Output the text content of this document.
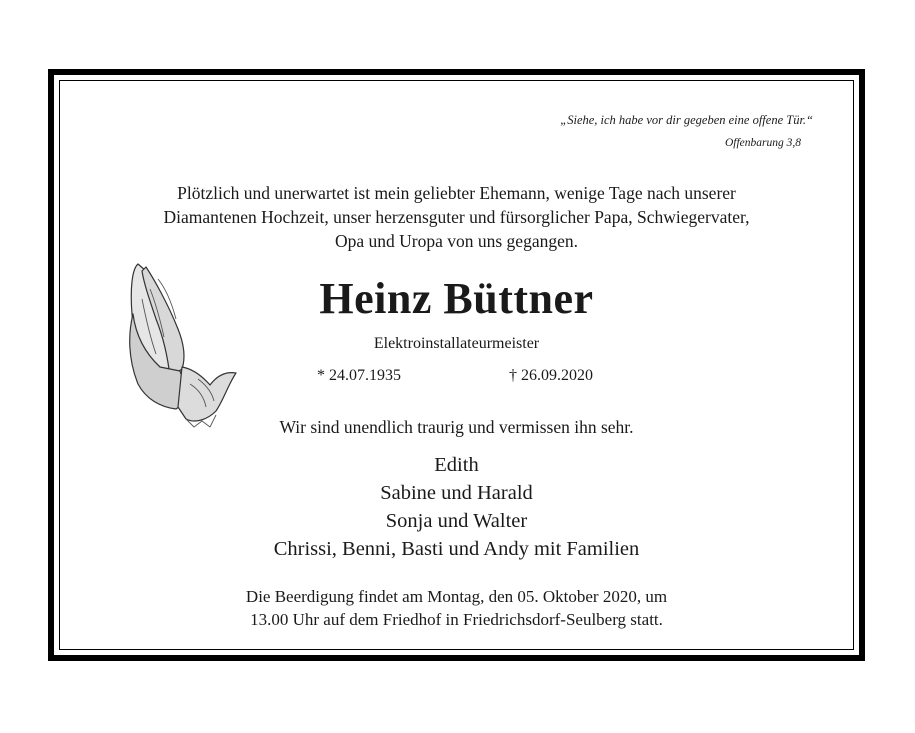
„Siehe, ich habe vor dir gegeben eine offene Tür.“
Offenbarung 3,8
Plötzlich und unerwartet ist mein geliebter Ehemann, wenige Tage nach unserer
Diamantenen Hochzeit, unser herzensguter und fürsorglicher Papa, Schwiegervater,
Opa und Uropa von uns gegangen.
Heinz Büttner
Elektroinstallateurmeister
* 24.07.1935	† 26.09.2020
Wir sind unendlich traurig und vermissen ihn sehr.
Edith
Sabine und Harald
Sonja und Walter
Chrissi, Benni, Basti und Andy mit Familien
Die Beerdigung findet am Montag, den 05. Oktober 2020, um
13.00 Uhr auf dem Friedhof in Friedrichsdorf-Seulberg statt.
